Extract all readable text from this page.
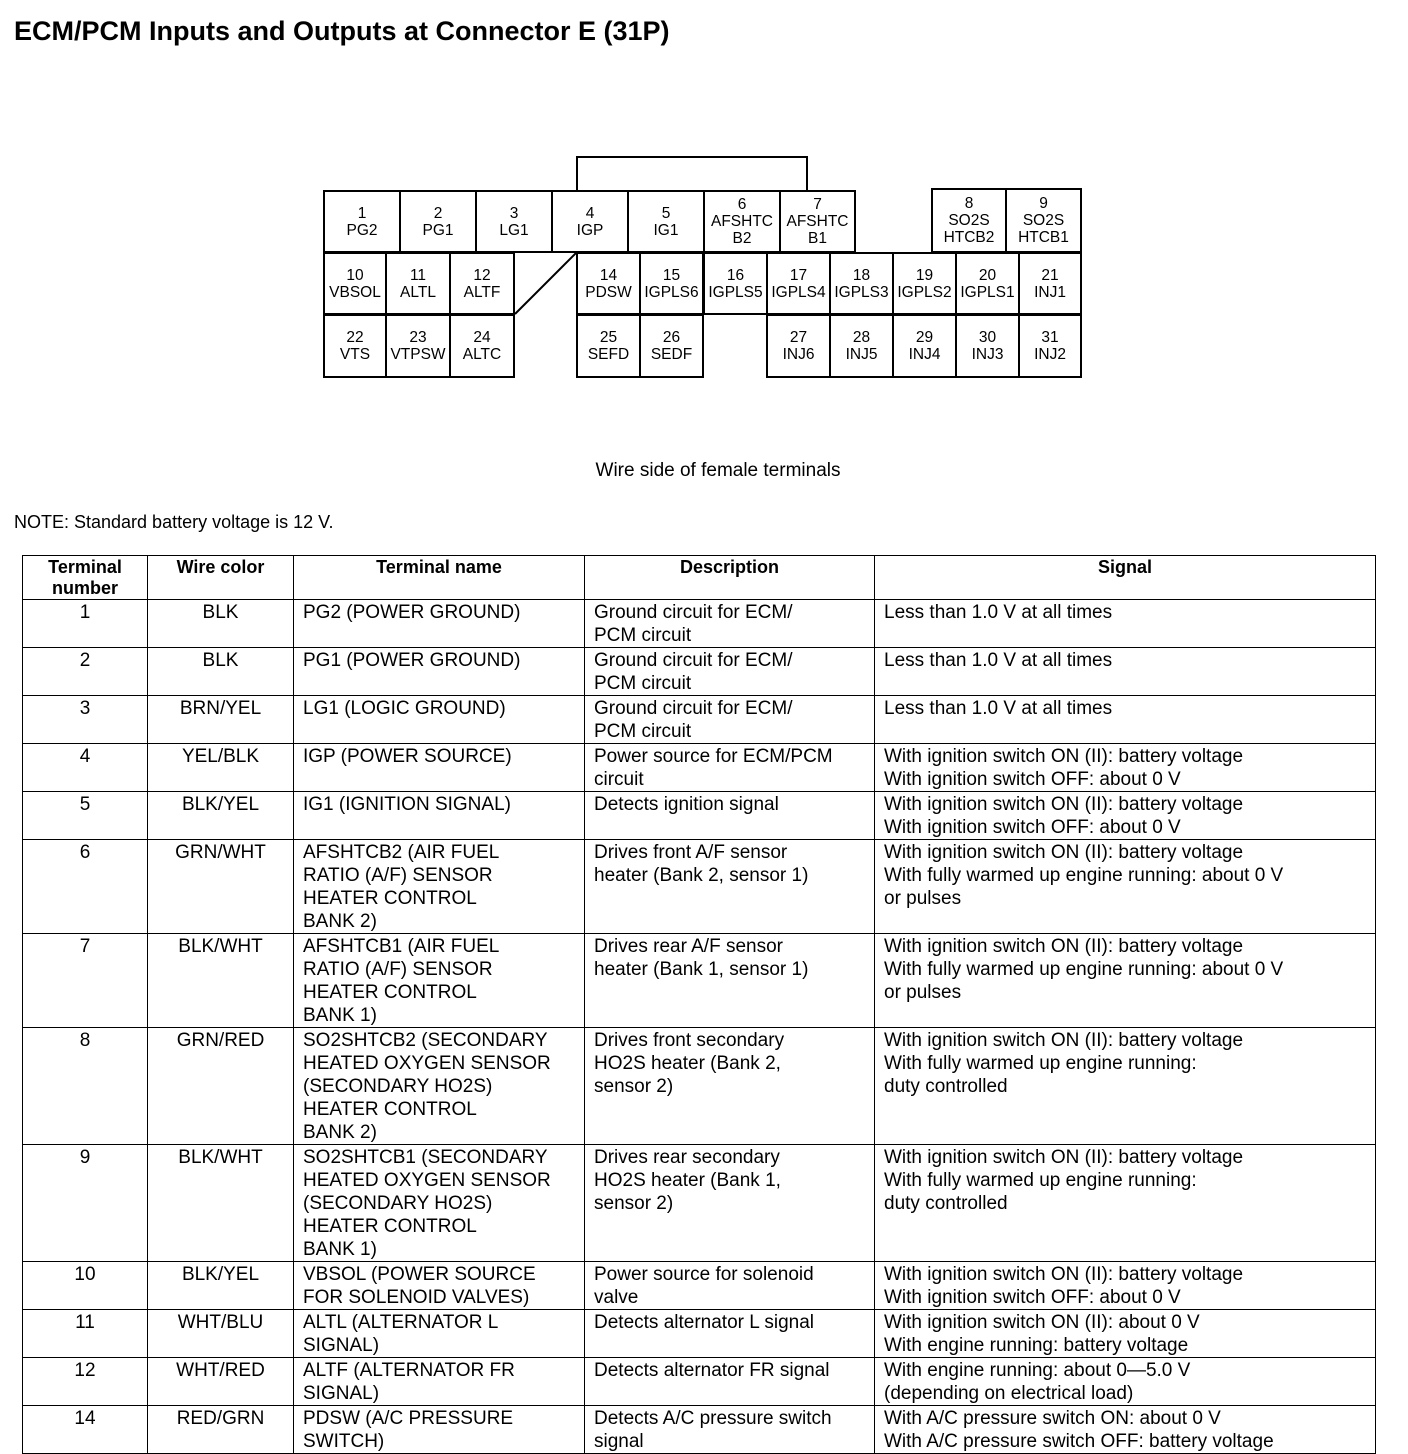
ECM/PCM Inputs and Outputs at Connector E (31P)
1
PG2
2
PG1
3
LG1
4
IGP
5
IG1
6
AFSHTC
B2
7
AFSHTC
B1
8
SO2S
HTCB2
9
SO2S
HTCB1
10
VBSOL
11
ALTL
12
ALTF
14
PDSW
15
IGPLS6
16
IGPLS5
17
IGPLS4
18
IGPLS3
19
IGPLS2
20
IGPLS1
21
INJ1
22
VTS
23
VTPSW
24
ALTC
25
SEFD
26
SEDF
27
INJ6
28
INJ5
29
INJ4
30
INJ3
31
INJ2
Wire side of female terminals
NOTE: Standard battery voltage is 12 V.
Terminal
number	Wire color	Terminal name	Description	Signal
1	BLK	PG2 (POWER GROUND)	Ground circuit for ECM/
PCM circuit	Less than 1.0 V at all times
2	BLK	PG1 (POWER GROUND)	Ground circuit for ECM/
PCM circuit	Less than 1.0 V at all times
3	BRN/YEL	LG1 (LOGIC GROUND)	Ground circuit for ECM/
PCM circuit	Less than 1.0 V at all times
4	YEL/BLK	IGP (POWER SOURCE)	Power source for ECM/PCM
circuit	With ignition switch ON (II): battery voltage
With ignition switch OFF: about 0 V
5	BLK/YEL	IG1 (IGNITION SIGNAL)	Detects ignition signal	With ignition switch ON (II): battery voltage
With ignition switch OFF: about 0 V
6	GRN/WHT	AFSHTCB2 (AIR FUEL
RATIO (A/F) SENSOR
HEATER CONTROL
BANK 2)	Drives front A/F sensor
heater (Bank 2, sensor 1)	With ignition switch ON (II): battery voltage
With fully warmed up engine running: about 0 V
or pulses
7	BLK/WHT	AFSHTCB1 (AIR FUEL
RATIO (A/F) SENSOR
HEATER CONTROL
BANK 1)	Drives rear A/F sensor
heater (Bank 1, sensor 1)	With ignition switch ON (II): battery voltage
With fully warmed up engine running: about 0 V
or pulses
8	GRN/RED	SO2SHTCB2 (SECONDARY
HEATED OXYGEN SENSOR
(SECONDARY HO2S)
HEATER CONTROL
BANK 2)	Drives front secondary
HO2S heater (Bank 2,
sensor 2)	With ignition switch ON (II): battery voltage
With fully warmed up engine running:
duty controlled
9	BLK/WHT	SO2SHTCB1 (SECONDARY
HEATED OXYGEN SENSOR
(SECONDARY HO2S)
HEATER CONTROL
BANK 1)	Drives rear secondary
HO2S heater (Bank 1,
sensor 2)	With ignition switch ON (II): battery voltage
With fully warmed up engine running:
duty controlled
10	BLK/YEL	VBSOL (POWER SOURCE
FOR SOLENOID VALVES)	Power source for solenoid
valve	With ignition switch ON (II): battery voltage
With ignition switch OFF: about 0 V
11	WHT/BLU	ALTL (ALTERNATOR L
SIGNAL)	Detects alternator L signal	With ignition switch ON (II): about 0 V
With engine running: battery voltage
12	WHT/RED	ALTF (ALTERNATOR FR
SIGNAL)	Detects alternator FR signal	With engine running: about 0—5.0 V
(depending on electrical load)
14	RED/GRN	PDSW (A/C PRESSURE
SWITCH)	Detects A/C pressure switch
signal	With A/C pressure switch ON: about 0 V
With A/C pressure switch OFF: battery voltage
